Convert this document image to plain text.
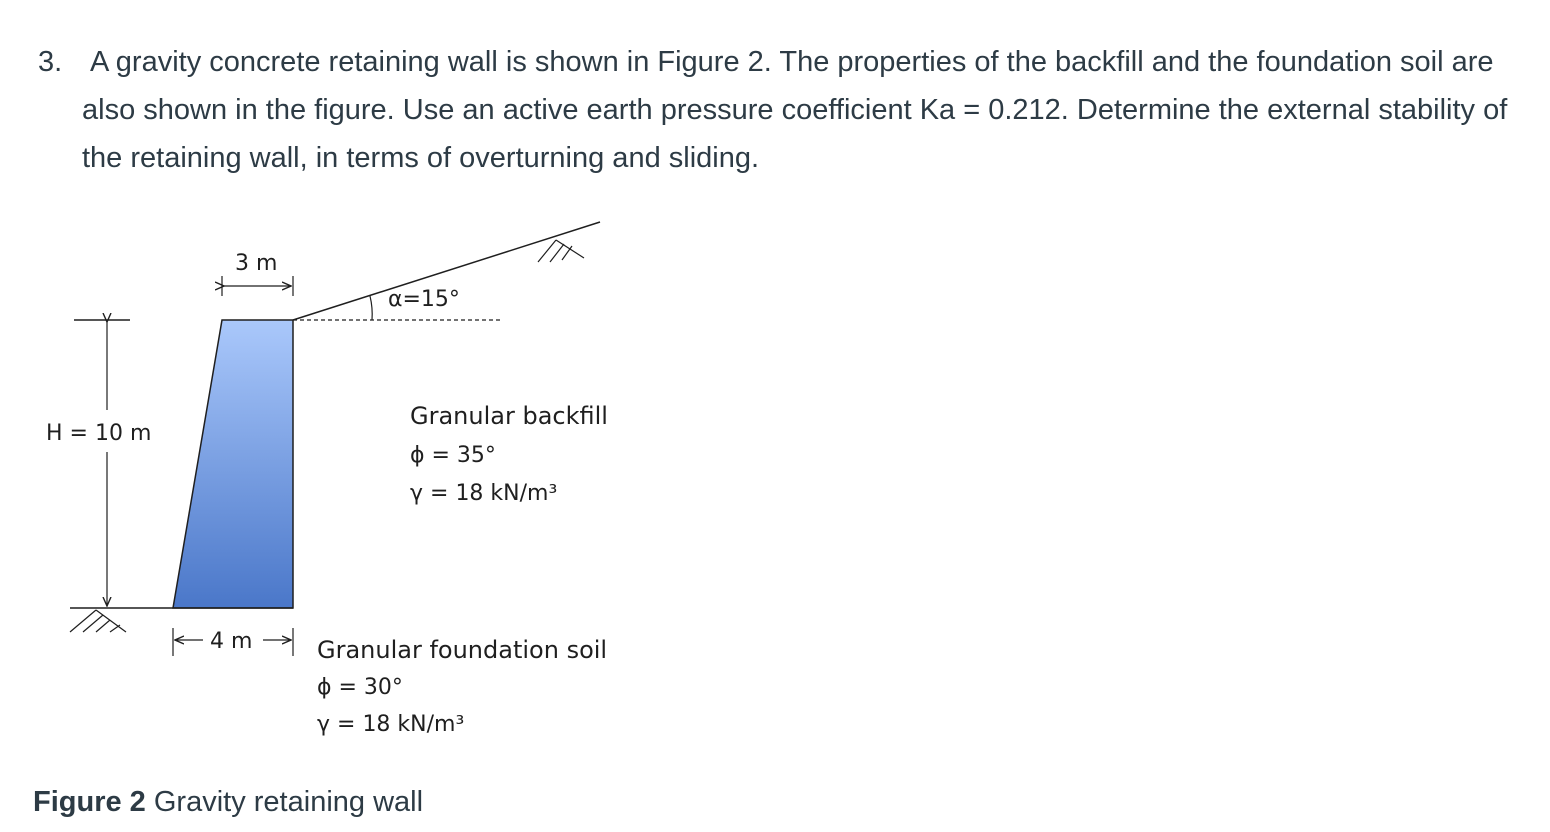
3. A gravity concrete retaining wall is shown in Figure 2. The properties of the backfill and the foundation soil are also shown in the figure. Use an active earth pressure coefficient Ka = 0.212. Determine the external stability of the retaining wall, in terms of overturning and sliding.

3 m
α=15°
H = 10 m
4 m
Granular backfill
ϕ = 35°
γ = 18 kN/m³
Granular foundation soil
ϕ = 30°
γ = 18 kN/m³
Figure 2 Gravity retaining wall
